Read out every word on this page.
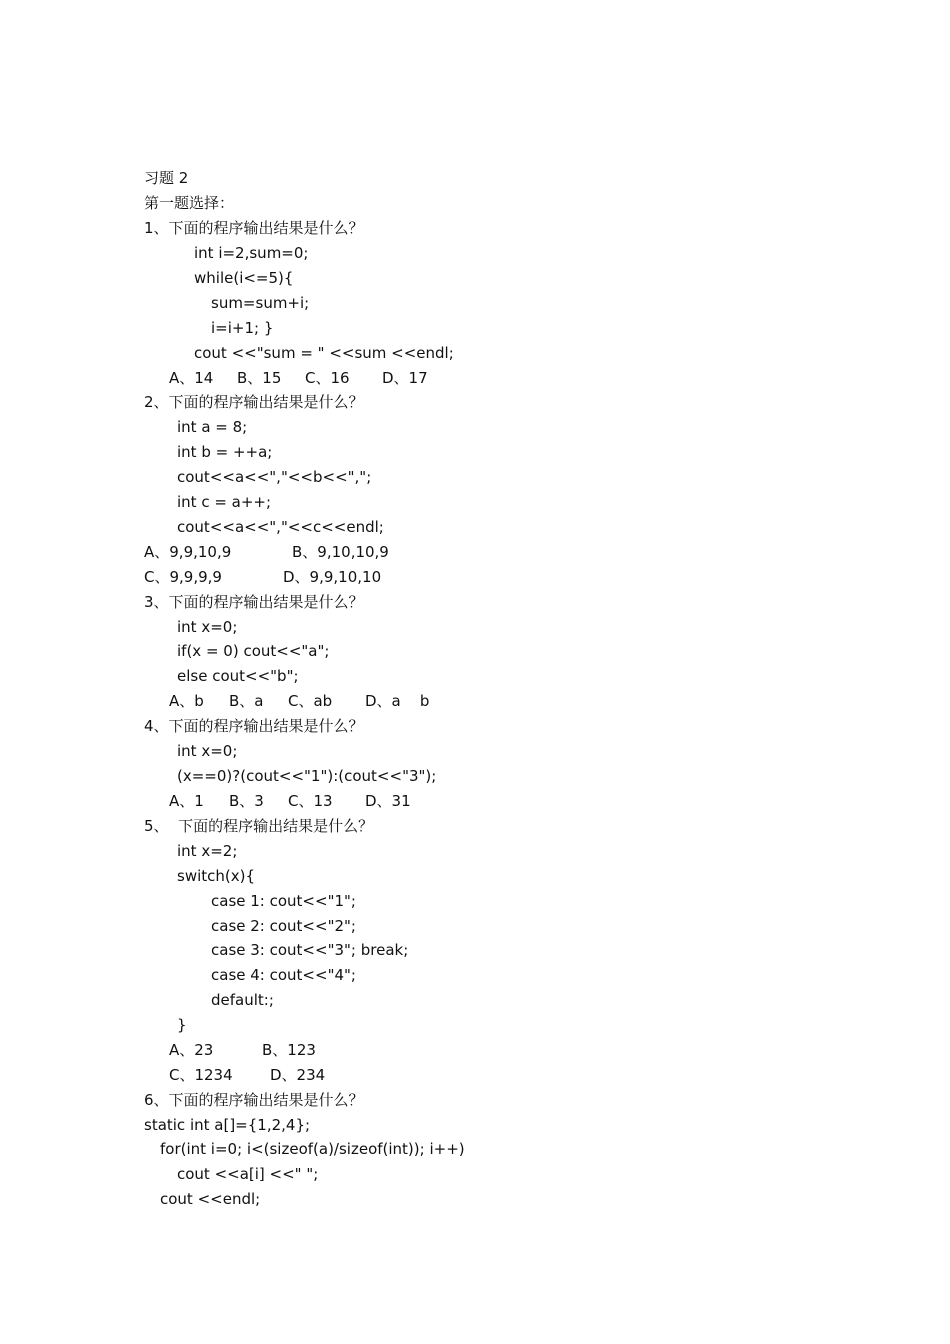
习题 2
第一题选择：
1、下面的程序输出结果是什么？
int i=2,sum=0;
while(i<=5){
sum=sum+i;
i=i+1; }
cout <<"sum = " <<sum <<endl;
A、14 B、15 C、16 D、17
2、下面的程序输出结果是什么？
int a = 8;
int b = ++a;
cout<<a<<","<<b<<",";
int c = a++;
cout<<a<<","<<c<<endl;
A、9,9,10,9	B、9,10,10,9
C、9,9,9,9	D、9,9,10,10
3、下面的程序输出结果是什么？
int x=0;
if(x = 0) cout<<"a";
else cout<<"b";
A、b B、a C、ab D、a    b
4、下面的程序输出结果是什么？
int x=0;
(x==0)?(cout<<"1"):(cout<<"3");
A、1 B、3 C、13 D、31
5、  下面的程序输出结果是什么？
int x=2;
switch(x){
case 1: cout<<"1";
case 2: cout<<"2";
case 3: cout<<"3"; break;
case 4: cout<<"4";
default:;
}
A、23	B、123
C、1234 D、234
6、下面的程序输出结果是什么？
static int a[]={1,2,4};
for(int i=0; i<(sizeof(a)/sizeof(int)); i++)
cout <<a[i] <<" ";
cout <<endl;
